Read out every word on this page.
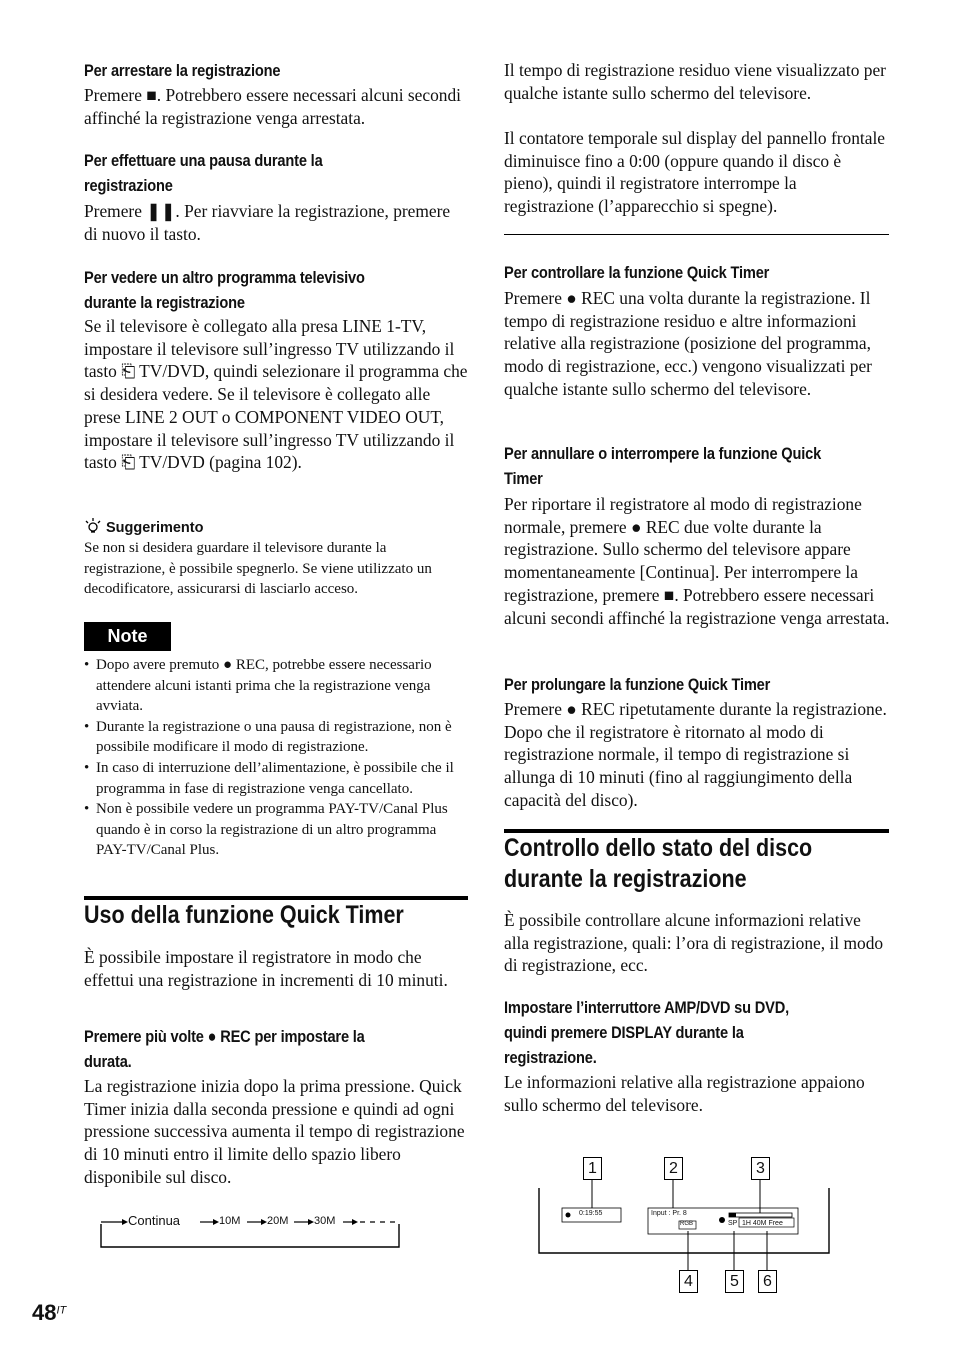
Per arrestare la registrazione
Premere ■. Potrebbero essere necessari alcuni secondi affinché la registrazione venga arrestata.
Per effettuare una pausa durante la
registrazione
Premere ❚❚. Per riavviare la registrazione, premere di nuovo il tasto.
Per vedere un altro programma televisivo
durante la registrazione
Se il televisore è collegato alla presa LINE 1-TV, impostare il televisore sull’ingresso TV utilizzando il tasto ⎗ TV/DVD, quindi selezionare il programma che si desidera vedere. Se il televisore è collegato alle prese LINE 2 OUT o COMPONENT VIDEO OUT, impostare il televisore sull’ingresso TV utilizzando il tasto ⎗ TV/DVD (pagina 102).
Suggerimento
Se non si desidera guardare il televisore durante la registrazione, è possibile spegnerlo. Se viene utilizzato un decodificatore, assicurarsi di lasciarlo acceso.
Note
• Dopo avere premuto ● REC, potrebbe essere necessario attendere alcuni istanti prima che la registrazione venga avviata.
• Durante la registrazione o una pausa di registrazione, non è possibile modificare il modo di registrazione.
• In caso di interruzione dell’alimentazione, è possibile che il programma in fase di registrazione venga cancellato.
• Non è possibile vedere un programma PAY-TV/Canal Plus quando è in corso la registrazione di un altro programma PAY-TV/Canal Plus.
Uso della funzione Quick Timer
È possibile impostare il registratore in modo che effettui una registrazione in incrementi di 10 minuti.
Premere più volte ● REC per impostare la
durata.
La registrazione inizia dopo la prima pressione. Quick Timer inizia dalla seconda pressione e quindi ad ogni pressione successiva aumenta il tempo di registrazione di 10 minuti entro il limite dello spazio libero disponibile sul disco.
Continua	10M 20M 30M
Il tempo di registrazione residuo viene visualizzato per qualche istante sullo schermo del televisore.
Il contatore temporale sul display del pannello frontale diminuisce fino a 0:00 (oppure quando il disco è pieno), quindi il registratore interrompe la registrazione (l’apparecchio si spegne).
Per controllare la funzione Quick Timer
Premere ● REC una volta durante la registrazione. Il tempo di registrazione residuo e altre informazioni relative alla registrazione (posizione del programma, modo di registrazione, ecc.) vengono visualizzati per qualche istante sullo schermo del televisore.
Per annullare o interrompere la funzione Quick
Timer
Per riportare il registratore al modo di registrazione normale, premere ● REC due volte durante la registrazione. Sullo schermo del televisore appare momentaneamente [Continua]. Per interrompere la registrazione, premere ■. Potrebbero essere necessari alcuni secondi affinché la registrazione venga arrestata.
Per prolungare la funzione Quick Timer
Premere ● REC ripetutamente durante la registrazione. Dopo che il registratore è ritornato al modo di registrazione normale, il tempo di registrazione si allunga di 10 minuti (fino al raggiungimento della capacità del disco).
Controllo dello stato del disco
durante la registrazione
È possibile controllare alcune informazioni relative alla registrazione, quali: l’ora di registrazione, il modo di registrazione, ecc.
Impostare l’interruttore AMP/DVD su DVD,
quindi premere DISPLAY durante la
registrazione.
Le informazioni relative alla registrazione appaiono sullo schermo del televisore.
1	2	3
4	5	6
0:19:55	Input : Pr. 8
RGB	SP 1H 40M Free
$48^{IT}$
